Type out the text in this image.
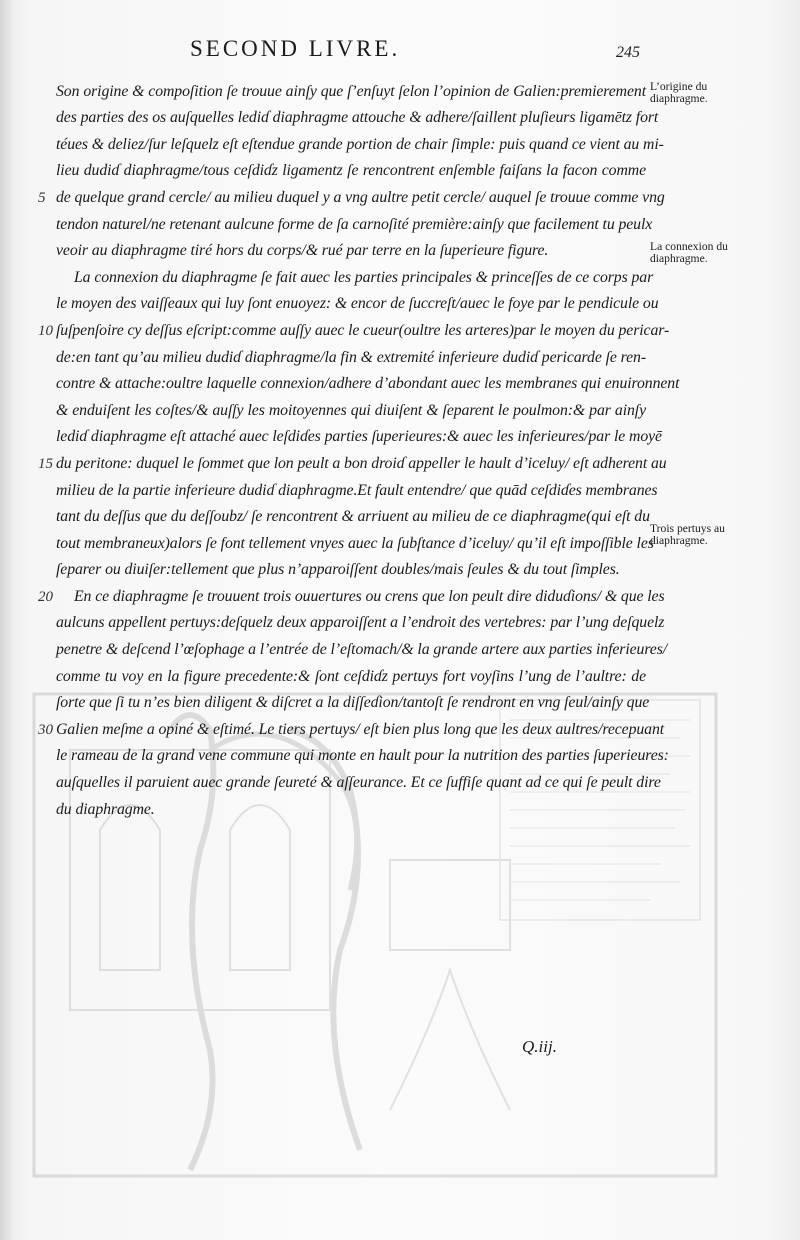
SECOND LIVRE.	245
Son origine & compoſition ſe trouue ainſy que ſ’enſuyt ſelon l’opinion de Galien:premierement
des parties des os auſquelles lediɗ diaphragme attouche & adhere/ſaillent pluſieurs ligamētz fort
téues & deliez/ſur leſquelz eſt eſtendue grande portion de chair ſimple: puis quand ce vient au mi-
lieu dudiɗ diaphragme/tous ceſdiɗz ligamentz ſe rencontrent enſemble faiſans la facon comme
5 de quelque grand cercle/ au milieu duquel y a vng aultre petit cercle/ auquel ſe trouue comme vng
tendon naturel/ne retenant aulcune forme de ſa carnoſité première:ainſy que facilement tu peulx
veoir au diaphragme tiré hors du corps/& rué par terre en la ſuperieure figure.
La connexion du diaphragme ſe fait auec les parties principales & princeſſes de ce corps par
le moyen des vaiſſeaux qui luy ſont enuoyez: & encor de ſuccreſt/auec le foye par le pendicule ou
10 ſuſpenſoire cy deſſus eſcript:comme auſſy auec le cueur(oultre les arteres)par le moyen du pericar-
de:en tant qu’au milieu dudiɗ diaphragme/la fin & extremité inferieure dudiɗ pericarde ſe ren-
contre & attache:oultre laquelle connexion/adhere d’abondant auec les membranes qui enuironnent
& enduiſent les coſtes/& auſſy les moitoyennes qui diuiſent & ſeparent le poulmon:& par ainſy
lediɗ diaphragme eſt attaché auec leſdiɗes parties ſuperieures:& auec les inferieures/par le moyē
15 du peritone: duquel le ſommet que lon peult a bon droiɗ appeller le hault d’iceluy/ eſt adherent au
milieu de la partie inferieure dudiɗ diaphragme.Et fault entendre/ que quād ceſdiɗes membranes
tant du deſſus que du deſſoubz/ ſe rencontrent & arriuent au milieu de ce diaphragme(qui eſt du
tout membraneux)alors ſe font tellement vnyes auec la ſubſtance d’iceluy/ qu’il eſt impoſſible les
ſeparer ou diuiſer:tellement que plus n’apparoiſſent doubles/mais ſeules & du tout ſimples.
20	En ce diaphragme ſe trouuent trois ouuertures ou crens que lon peult dire diduɗions/ & que les
aulcuns appellent pertuys:deſquelz deux apparoiſſent a l’endroit des vertebres: par l’ung deſquelz
penetre & deſcend l’œſophage a l’entrée de l’eſtomach/& la grande artere aux parties inferieures/
comme tu voy en la figure precedente:& ſont ceſdiɗz pertuys fort voyſins l’ung de l’aultre: de
ſorte que ſi tu n’es bien diligent & diſcret a la diſſeɗion/tantoſt ſe rendront en vng ſeul/ainſy que
30 Galien meſme a opiné & eſtimé. Le tiers pertuys/ eſt bien plus long que les deux aultres/recepuant
le rameau de la grand vene commune qui monte en hault pour la nutrition des parties ſuperieures:
auſquelles il paruient auec grande ſeureté & aſſeurance. Et ce ſuffiſe quant ad ce qui ſe peult dire
du diaphragme.
L’origine du diaphragme.
La connexion du diaphragme.
Trois pertuys au diaphragme.
Q.iij.
